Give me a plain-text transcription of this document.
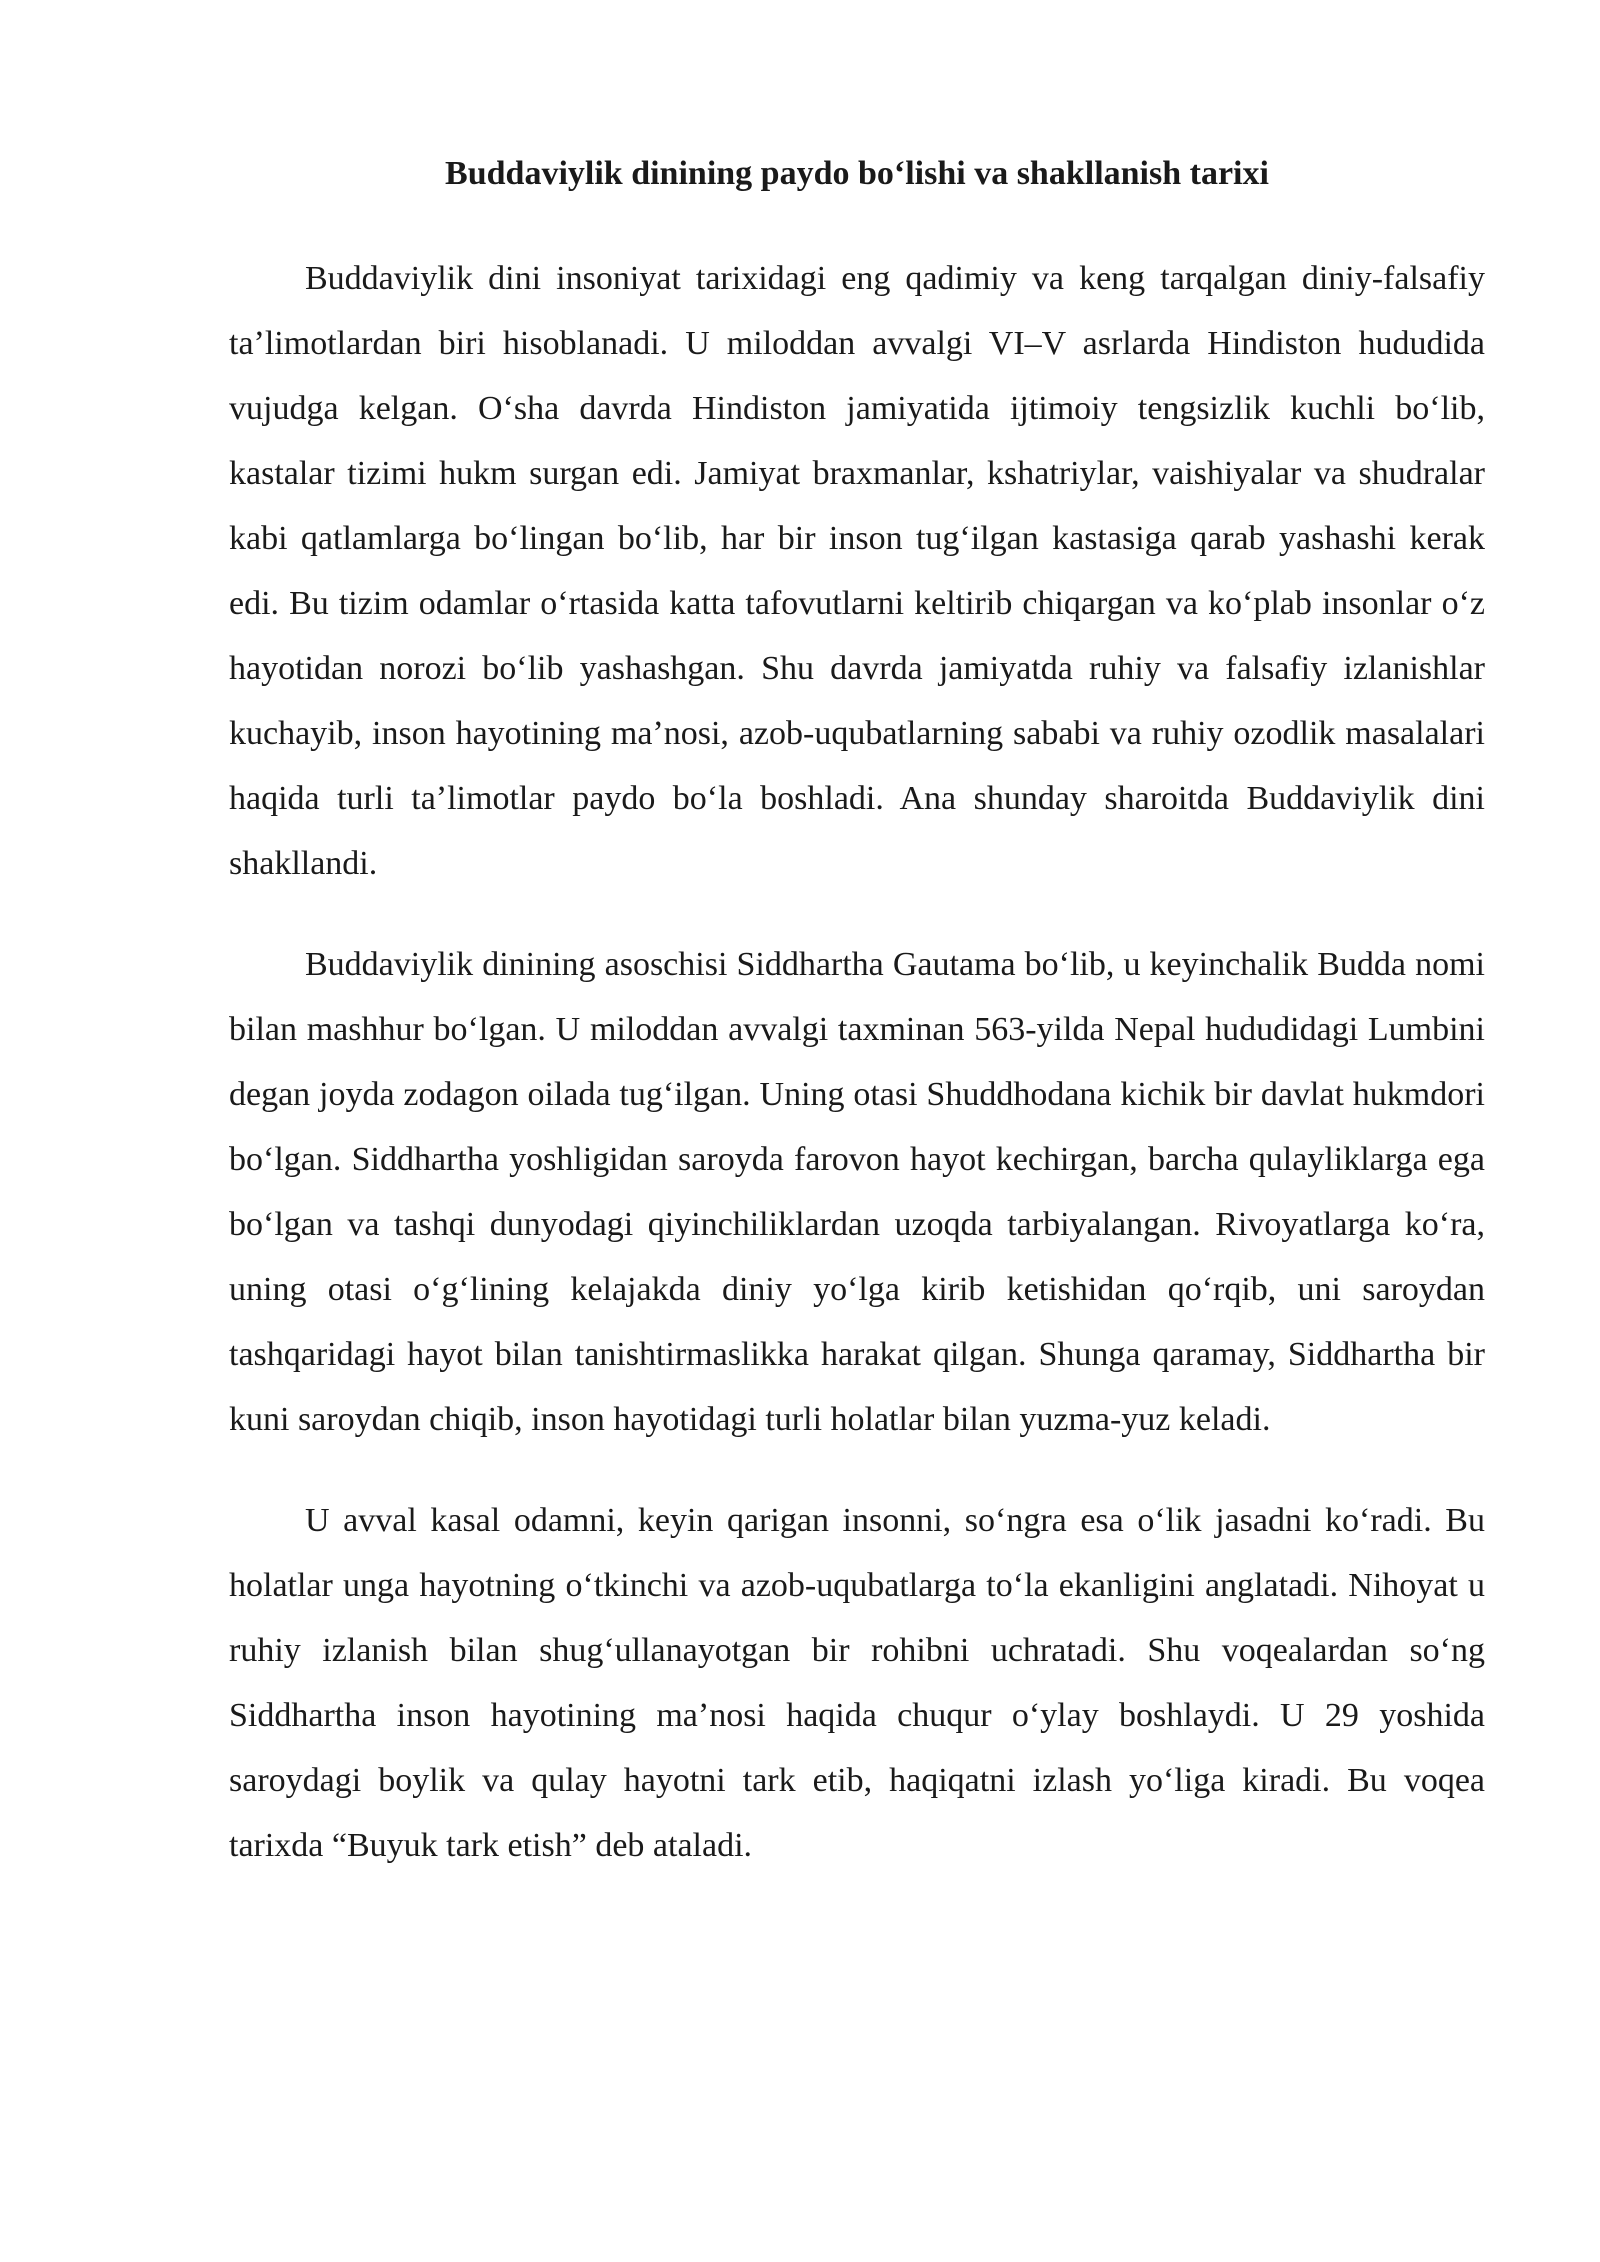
Buddaviylik dinining paydo boʻlishi va shakllanish tarixi

Buddaviylik dini insoniyat tarixidagi eng qadimiy va keng tarqalgan diniy-falsafiy taʼlimotlardan biri hisoblanadi. U miloddan avvalgi VI–V asrlarda Hindiston hududida vujudga kelgan. Oʻsha davrda Hindiston jamiyatida ijtimoiy tengsizlik kuchli boʻlib, kastalar tizimi hukm surgan edi. Jamiyat braxmanlar, kshatriylar, vaishiyalar va shudralar kabi qatlamlarga boʻlingan boʻlib, har bir inson tugʻilgan kastasiga qarab yashashi kerak edi. Bu tizim odamlar oʻrtasida katta tafovutlarni keltirib chiqargan va koʻplab insonlar oʻz hayotidan norozi boʻlib yashashgan. Shu davrda jamiyatda ruhiy va falsafiy izlanishlar kuchayib, inson hayotining maʼnosi, azob-uqubatlarning sababi va ruhiy ozodlik masalalari haqida turli taʼlimotlar paydo boʻla boshladi. Ana shunday sharoitda Buddaviylik dini shakllandi.

Buddaviylik dinining asoschisi Siddhartha Gautama boʻlib, u keyinchalik Budda nomi bilan mashhur boʻlgan. U miloddan avvalgi taxminan 563-yilda Nepal hududidagi Lumbini degan joyda zodagon oilada tugʻilgan. Uning otasi Shuddhodana kichik bir davlat hukmdori boʻlgan. Siddhartha yoshligidan saroyda farovon hayot kechirgan, barcha qulayliklarga ega boʻlgan va tashqi dunyodagi qiyinchiliklardan uzoqda tarbiyalangan. Rivoyatlarga koʻra, uning otasi oʻgʻlining kelajakda diniy yoʻlga kirib ketishidan qoʻrqib, uni saroydan tashqaridagi hayot bilan tanishtirmaslikka harakat qilgan. Shunga qaramay, Siddhartha bir kuni saroydan chiqib, inson hayotidagi turli holatlar bilan yuzma-yuz keladi.

U avval kasal odamni, keyin qarigan insonni, soʻngra esa oʻlik jasadni koʻradi. Bu holatlar unga hayotning oʻtkinchi va azob-uqubatlarga toʻla ekanligini anglatadi. Nihoyat u ruhiy izlanish bilan shugʻullanayotgan bir rohibni uchratadi. Shu voqealardan soʻng Siddhartha inson hayotining maʼnosi haqida chuqur oʻylay boshlaydi. U 29 yoshida saroydagi boylik va qulay hayotni tark etib, haqiqatni izlash yoʻliga kiradi. Bu voqea tarixda “Buyuk tark etish” deb ataladi.
